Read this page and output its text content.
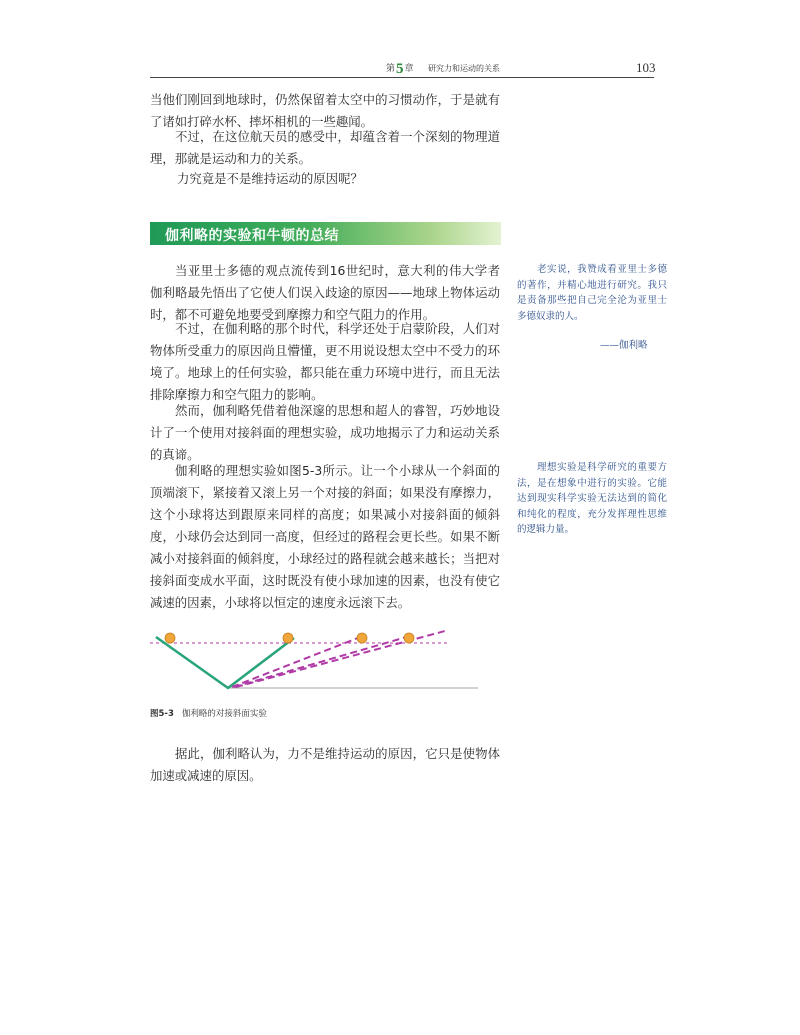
第5章 研究力和运动的关系	103

当他们刚回到地球时，仍然保留着太空中的习惯动作，于是就有了诸如打碎水杯、摔坏相机的一些趣闻。

不过，在这位航天员的感受中，却蕴含着一个深刻的物理道理，那就是运动和力的关系。

力究竟是不是维持运动的原因呢？

伽利略的实验和牛顿的总结

当亚里士多德的观点流传到16世纪时，意大利的伟大学者伽利略最先悟出了它使人们误入歧途的原因——地球上物体运动时，都不可避免地要受到摩擦力和空气阻力的作用。

不过，在伽利略的那个时代，科学还处于启蒙阶段，人们对物体所受重力的原因尚且懵懂，更不用说设想太空中不受力的环境了。地球上的任何实验，都只能在重力环境中进行，而且无法排除摩擦力和空气阻力的影响。

然而，伽利略凭借着他深邃的思想和超人的睿智，巧妙地设计了一个使用对接斜面的理想实验，成功地揭示了力和运动关系的真谛。

伽利略的理想实验如图5-3所示。让一个小球从一个斜面的顶端滚下，紧接着又滚上另一个对接的斜面；如果没有摩擦力，这个小球将达到跟原来同样的高度；如果减小对接斜面的倾斜度，小球仍会达到同一高度，但经过的路程会更长些。如果不断减小对接斜面的倾斜度，小球经过的路程就会越来越长；当把对接斜面变成水平面，这时既没有使小球加速的因素，也没有使它减速的因素，小球将以恒定的速度永远滚下去。

老实说，我赞成看亚里士多德的著作，并精心地进行研究。我只是责备那些把自己完全沦为亚里士多德奴隶的人。

——伽利略

理想实验是科学研究的重要方法，是在想象中进行的实验。它能达到现实科学实验无法达到的简化和纯化的程度，充分发挥理性思维的逻辑力量。

图5-3 伽利略的对接斜面实验

据此，伽利略认为，力不是维持运动的原因，它只是使物体加速或减速的原因。
